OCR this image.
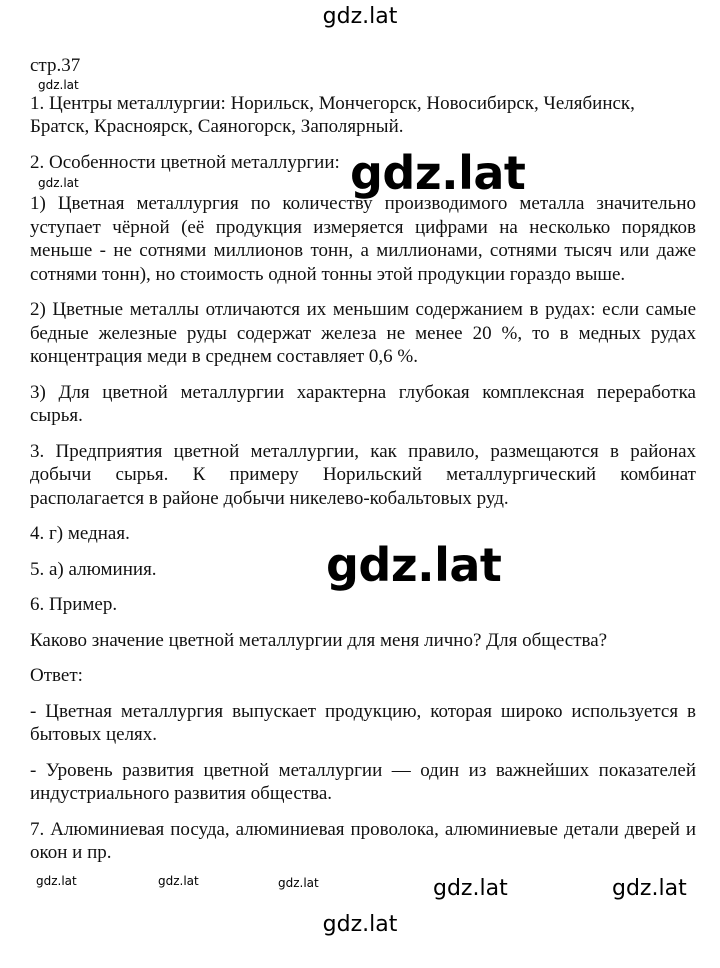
gdz.lat
стр.37

1. Центры металлургии: Норильск, Мончегорск, Новосибирск, Челябинск, Братск, Красноярск, Саяногорск, Заполярный.

2. Особенности цветной металлургии:

1) Цветная металлургия по количеству производимого металла значительно уступает чёрной (её продукция измеряется цифрами на несколько порядков меньше - не сотнями миллионов тонн, а миллионами, сотнями тысяч или даже сотнями тонн), но стоимость одной тонны этой продукции гораздо выше.

2) Цветные металлы отличаются их меньшим содержанием в рудах: если самые бедные железные руды содержат железа не менее 20 %, то в медных рудах концентрация меди в среднем составляет 0,6 %.

3) Для цветной металлургии характерна глубокая комплексная переработка сырья.

3. Предприятия цветной металлургии, как правило, размещаются в районах добычи сырья. К примеру Норильский металлургический комбинат располагается в районе добычи никелево-кобальтовых руд.

4. г) медная.

5. а) алюминия.

6. Пример.

Каково значение цветной металлургии для меня лично? Для общества?

Ответ:

- Цветная металлургия выпускает продукцию, которая широко используется в бытовых целях.

- Уровень развития цветной металлургии — один из важнейших показателей индустриального развития общества.

7. Алюминиевая посуда, алюминиевая проволока, алюминиевые детали дверей и окон и пр.

gdz.lat
gdz.lat	gdz.lat
gdz.lat
gdz.lat	gdz.lat	gdz.lat	gdz.lat	gdz.lat
gdz.lat
